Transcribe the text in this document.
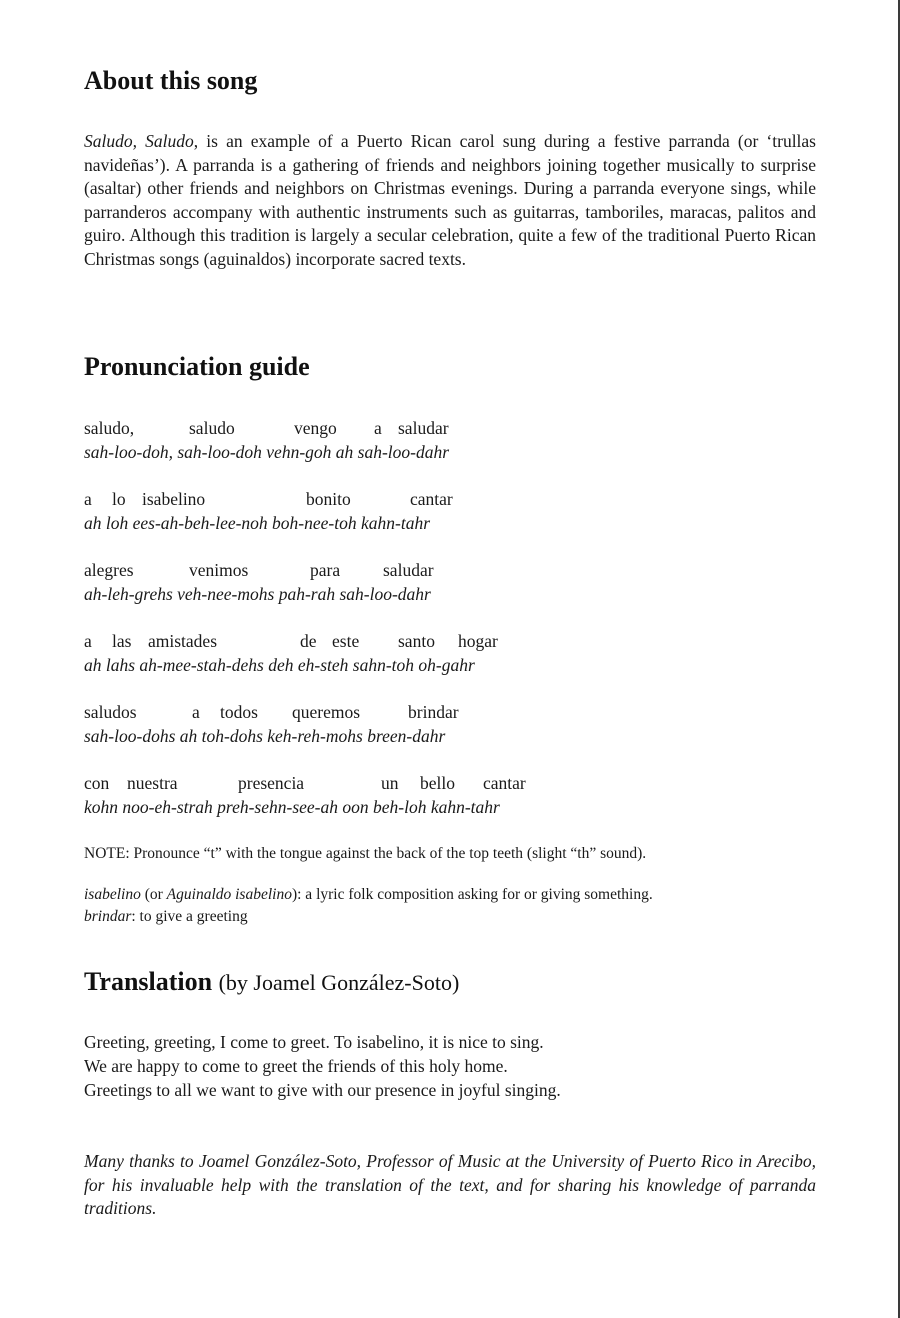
About this song

Saludo, Saludo, is an example of a Puerto Rican carol sung during a festive parranda (or ‘trullas navideñas’). A parranda is a gathering of friends and neighbors joining together musically to surprise (asaltar) other friends and neighbors on Christmas evenings. During a parranda everyone sings, while parranderos accompany with authentic instruments such as guitarras, tamboriles, maracas, palitos and guiro. Although this tradition is largely a secular celebration, quite a few of the traditional Puerto Rican Christmas songs (aguinaldos) incorporate sacred texts.

Pronunciation guide
saludo,	saludo	vengo	a saludar
sah-loo-doh, sah-loo-doh vehn-goh ah sah-loo-dahr
a	lo isabelino	bonito	cantar
ah loh ees-ah-beh-lee-noh boh-nee-toh kahn-tahr
alegres	venimos	para	saludar
ah-leh-grehs veh-nee-mohs pah-rah sah-loo-dahr
a	las amistades	de este	santo	hogar
ah lahs ah-mee-stah-dehs deh eh-steh sahn-toh oh-gahr
saludos	a	todos	queremos	brindar
sah-loo-dohs ah toh-dohs keh-reh-mohs breen-dahr
con	nuestra	presencia	un	bello	cantar
kohn noo-eh-strah preh-sehn-see-ah oon beh-loh kahn-tahr

NOTE: Pronounce “t” with the tongue against the back of the top teeth (slight “th” sound).

isabelino (or Aguinaldo isabelino): a lyric folk composition asking for or giving something.
brindar: to give a greeting
Translation (by Joamel González-Soto)
Greeting, greeting, I come to greet. To isabelino, it is nice to sing.
We are happy to come to greet the friends of this holy home.
Greetings to all we want to give with our presence in joyful singing.

Many thanks to Joamel González-Soto, Professor of Music at the University of Puerto Rico in Arecibo, for his invaluable help with the translation of the text, and for sharing his knowledge of parranda traditions.
